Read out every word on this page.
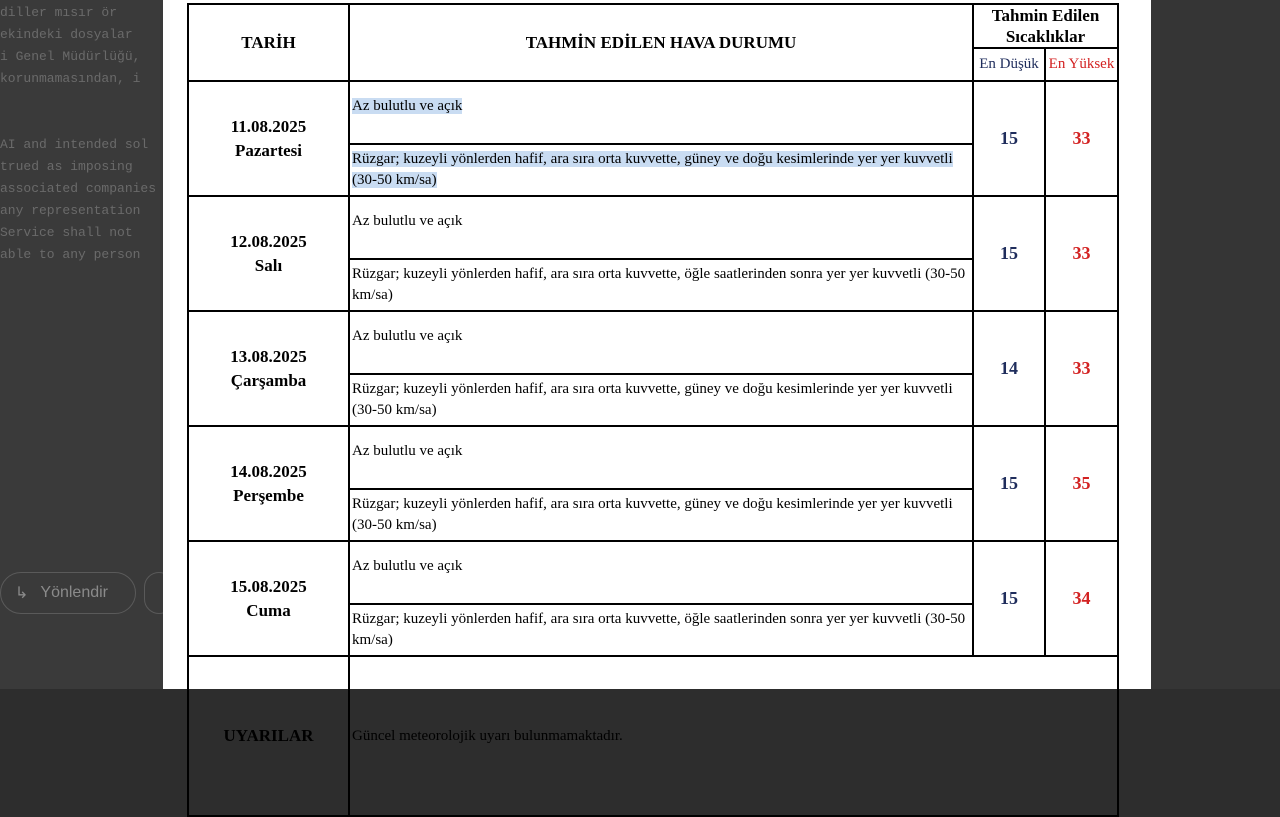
diller mısır ör
ekindeki dosyalar
i Genel Müdürlüğü,
korunmamasından, i
AI and intended sol
trued as imposing
associated companies
any representation
Service shall not
able to any person
↳ Yönlendir
TARİH	TAHMİN EDİLEN HAVA DURUMU	Tahmin Edilen Sıcaklıklar	
		En Düşük	En Yüksek

11.08.2025
Pazartesi	Az bulutlu ve açık	15	33
	Rüzgar; kuzeyli yönlerden hafif, ara sıra orta kuvvette, güney ve doğu kesimlerinde yer yer kuvvetli (30-50 km/sa)		

12.08.2025
Salı	Az bulutlu ve açık	15	33
	Rüzgar; kuzeyli yönlerden hafif, ara sıra orta kuvvette, öğle saatlerinden sonra yer yer kuvvetli (30-50 km/sa)		

13.08.2025
Çarşamba	Az bulutlu ve açık	14	33
	Rüzgar; kuzeyli yönlerden hafif, ara sıra orta kuvvette, güney ve doğu kesimlerinde yer yer kuvvetli (30-50 km/sa)		

14.08.2025
Perşembe	Az bulutlu ve açık	15	35
	Rüzgar; kuzeyli yönlerden hafif, ara sıra orta kuvvette, güney ve doğu kesimlerinde yer yer kuvvetli (30-50 km/sa)		

15.08.2025
Cuma	Az bulutlu ve açık	15	34
	Rüzgar; kuzeyli yönlerden hafif, ara sıra orta kuvvette, öğle saatlerinden sonra yer yer kuvvetli (30-50 km/sa)		
UYARILAR	Güncel meteorolojik uyarı bulunmamaktadır.		
